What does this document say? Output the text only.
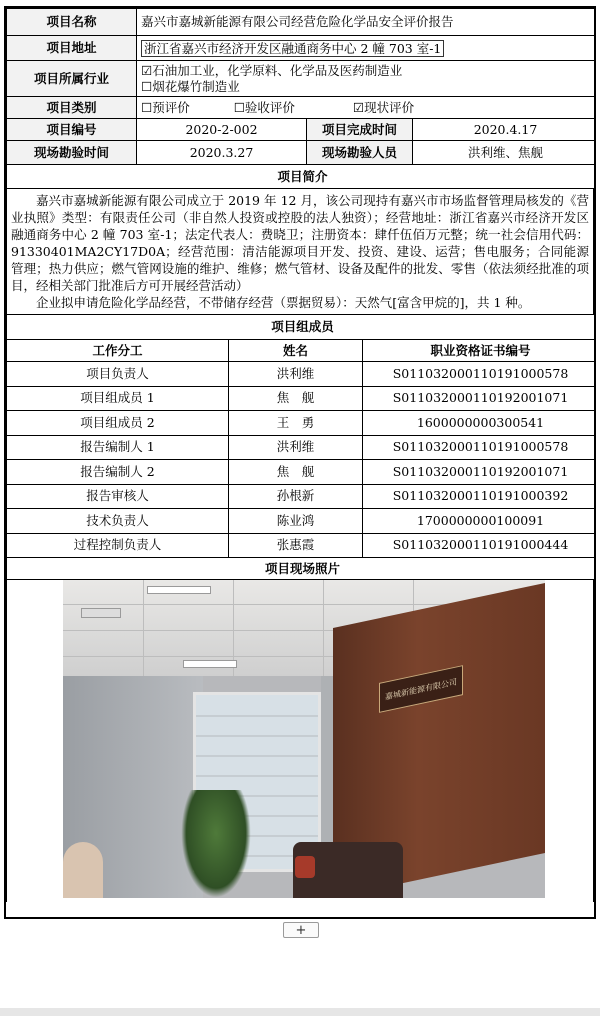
项目名称	嘉兴市嘉城新能源有限公司经营危险化学品安全评价报告		
项目地址	浙江省嘉兴市经济开发区融通商务中心 2 幢 703 室-1		
项目所属行业	☑石油加工业，化学原料、化学品及医药制造业
☐烟花爆竹制造业		

项目类别	☐预评价 ☐验收评价 ☑现状评价		
项目编号	2020-2-002	项目完成时间	2020.4.17
现场勘验时间	2020.3.27	现场勘验人员	洪利维、焦舰
项目简介			

嘉兴市嘉城新能源有限公司成立于 2019 年 12 月，该公司现持有嘉兴市市场监督管理局核发的《营业执照》类型：有限责任公司（非自然人投资或控股的法人独资）；经营地址：浙江省嘉兴市经济开发区融通商务中心 2 幢 703 室-1；法定代表人：费晓卫；注册资本：肆仟伍佰万元整；统一社会信用代码：91330401MA2CY17D0A；经营范围：清洁能源项目开发、投资、建设、运营；售电服务；合同能源管理；热力供应；燃气管网设施的维护、维修；燃气管材、设备及配件的批发、零售（依法须经批准的项目，经相关部门批准后方可开展经营活动）

企业拟申请危险化学品经营，不带储存经营（票据贸易）：天然气[富含甲烷的]，共 1 种。

项目组成员		
工作分工	姓名	职业资格证书编号
项目负责人	洪利维	S011032000110191000578
项目组成员 1	焦　舰	S011032000110192001071
项目组成员 2	王　勇	1600000000300541
报告编制人 1	洪利维	S011032000110191000578
报告编制人 2	焦　舰	S011032000110192001071
报告审核人	孙根新	S011032000110191000392
技术负责人	陈业鸿	1700000000100091
过程控制负责人	张惠霞	S011032000110191000444
项目现场照片		
嘉城新能源有限公司
+
